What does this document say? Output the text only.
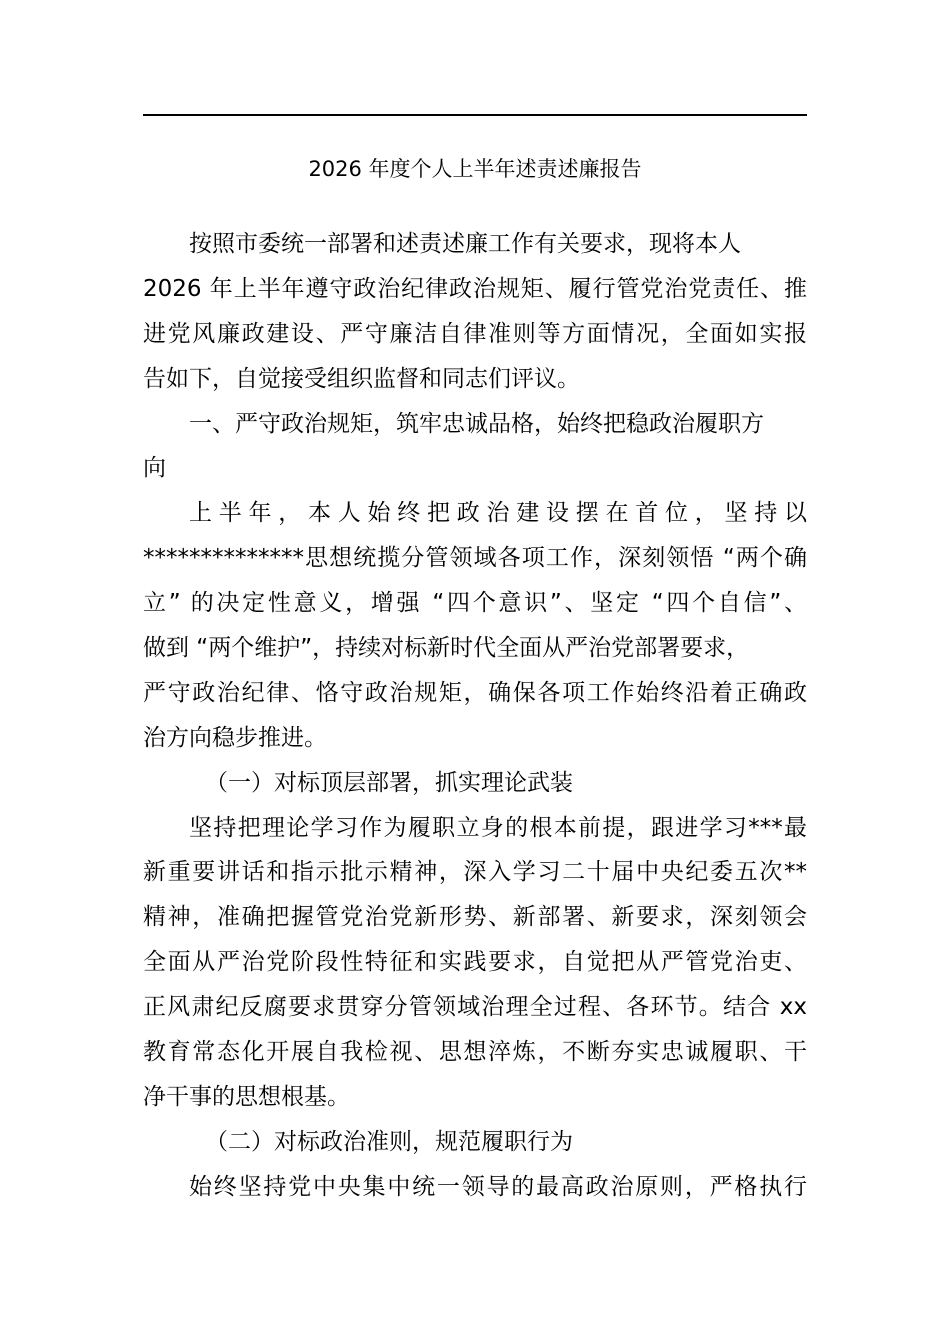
2026 年度个人上半年述责述廉报告
按照市委统一部署和述责述廉工作有关要求，现将本人
2026 年上半年遵守政治纪律政治规矩、履行管党治党责任、推
进党风廉政建设、严守廉洁自律准则等方面情况，全面如实报
告如下，自觉接受组织监督和同志们评议。
一、严守政治规矩，筑牢忠诚品格，始终把稳政治履职方
向
上半年，本人始终把政治建设摆在首位，坚持以
**************思想统揽分管领域各项工作，深刻领悟 “两个确
立” 的决定性意义，增强 “四个意识”、坚定 “四个自信”、
做到 “两个维护”，持续对标新时代全面从严治党部署要求，
严守政治纪律、恪守政治规矩，确保各项工作始终沿着正确政
治方向稳步推进。
（一）对标顶层部署，抓实理论武装
坚持把理论学习作为履职立身的根本前提，跟进学习***最
新重要讲话和指示批示精神，深入学习二十届中央纪委五次**
精神，准确把握管党治党新形势、新部署、新要求，深刻领会
全面从严治党阶段性特征和实践要求，自觉把从严管党治吏、
正风肃纪反腐要求贯穿分管领域治理全过程、各环节。结合 xx
教育常态化开展自我检视、思想淬炼，不断夯实忠诚履职、干
净干事的思想根基。
（二）对标政治准则，规范履职行为
始终坚持党中央集中统一领导的最高政治原则，严格执行
